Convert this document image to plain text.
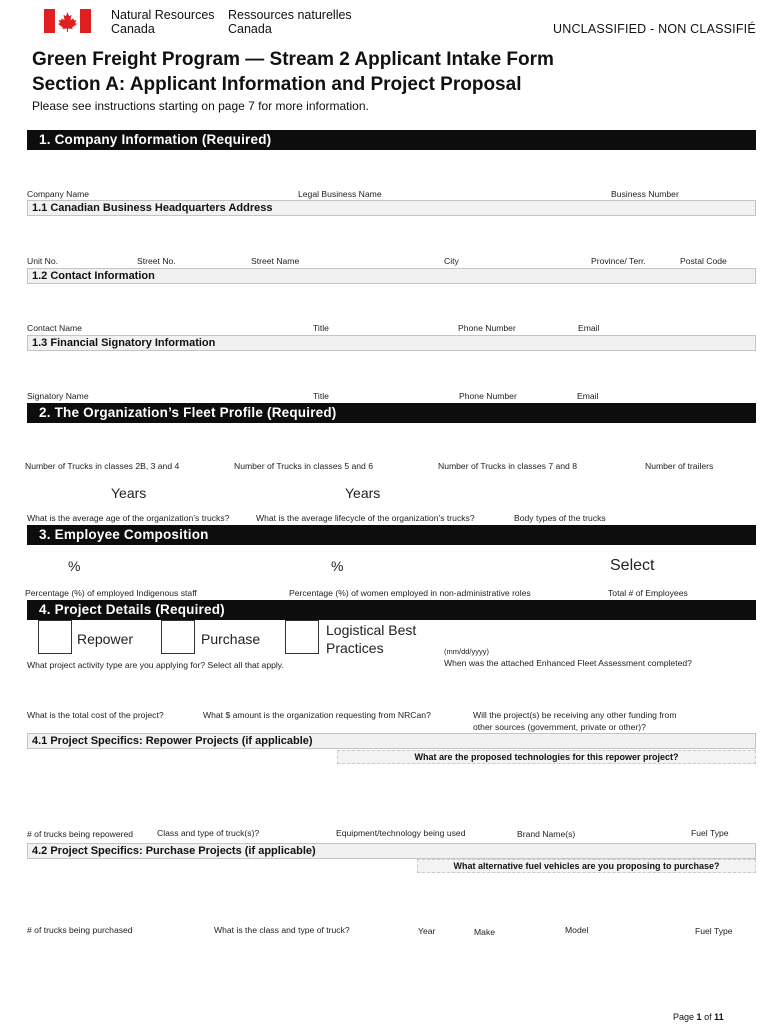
Natural Resources
Canada
Ressources naturelles
Canada	UNCLASSIFIED - NON CLASSIFIÉ
Green Freight Program — Stream 2 Applicant Intake Form
Section A: Applicant Information and Project Proposal
Please see instructions starting on page 7 for more information.
1. Company Information (Required)
Company Name	Legal Business Name	Business Number
1.1 Canadian Business Headquarters Address
Unit No.	Street No.	Street Name	City	Province/ Terr.	Postal Code
1.2 Contact Information
Contact Name	Title	Phone Number	Email
1.3 Financial Signatory Information
Signatory Name	Title	Phone Number	Email
2. The Organization’s Fleet Profile (Required)
Number of Trucks in classes 2B, 3 and 4	Number of Trucks in classes 5 and 6	Number of Trucks in classes 7 and 8	Number of trailers
Years	Years
What is the average age of the organization’s trucks?	What is the average lifecycle of the organization’s trucks?	Body types of the trucks
3. Employee Composition
%	%	Select
Percentage (%) of employed Indigenous staff	Percentage (%) of women employed in non-administrative roles	Total # of Employees
4. Project Details (Required)
Repower	Purchase
Logistical Best
Practices	(mm/dd/yyyy)
When was the attached Enhanced Fleet Assessment completed?
What project activity type are you applying for? Select all that apply.
What is the total cost of the project?	What $ amount is the organization requesting from NRCan?	Will the project(s) be receiving any other funding from
other sources (government, private or other)?
4.1 Project Specifics: Repower Projects (if applicable)
What are the proposed technologies for this repower project?
# of trucks being repowered	Class and type of truck(s)?	Equipment/technology being used	Brand Name(s)	Fuel Type
4.2 Project Specifics: Purchase Projects (if applicable)
What alternative fuel vehicles are you proposing to purchase?
# of trucks being purchased	What is the class and type of truck?	Year	Make	Model	Fuel Type
Page 1 of 11
